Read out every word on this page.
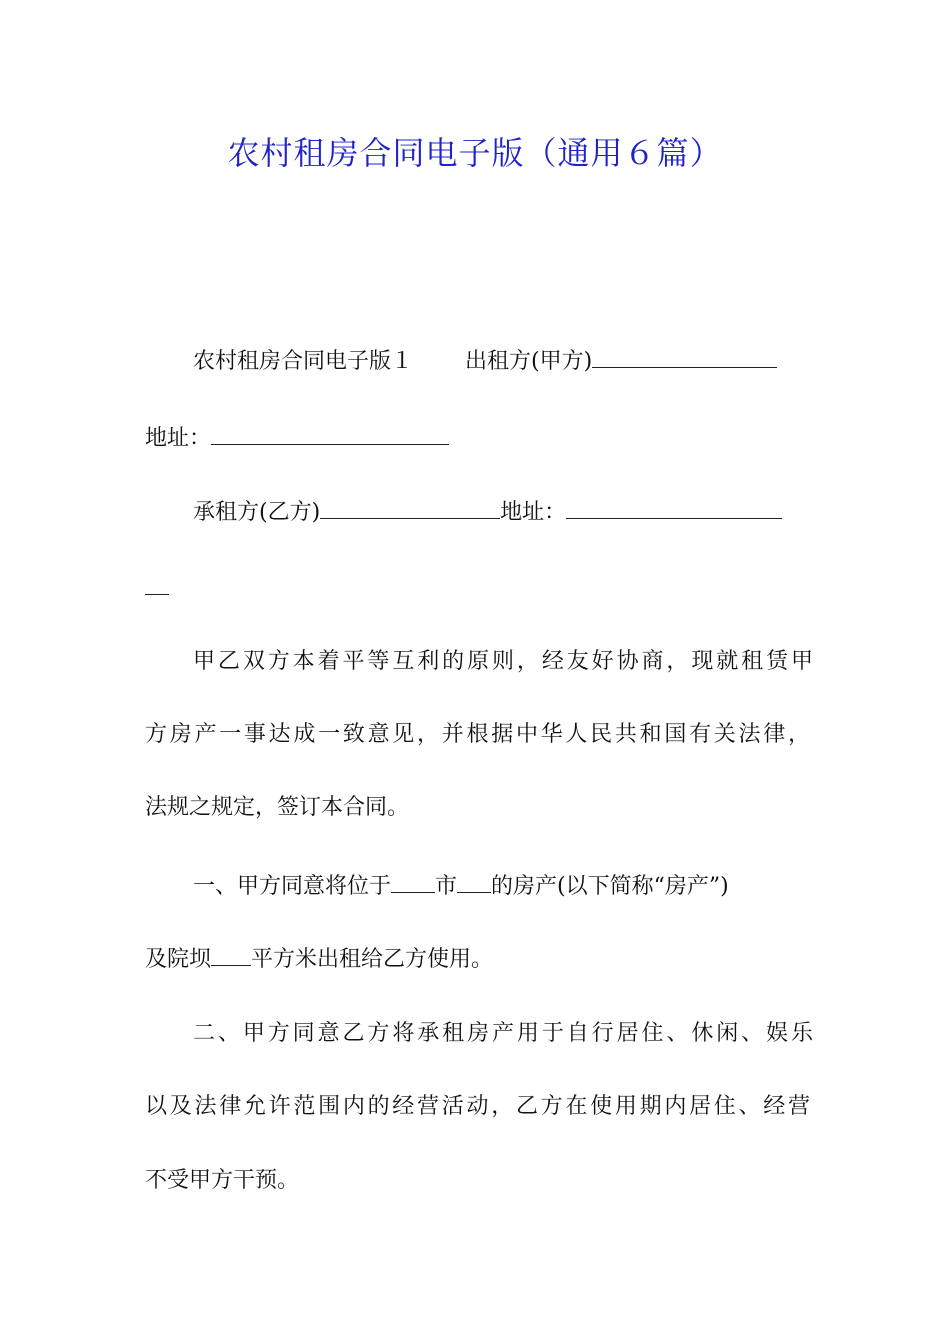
农村租房合同电子版（通用６篇）
农村租房合同电子版１ 出租方(甲方)
地址：
承租方(乙方)	地址：
甲乙双方本着平等互利的原则，经友好协商，现就租赁甲
方房产一事达成一致意见，并根据中华人民共和国有关法律，
法规之规定，签订本合同。
一、甲方同意将位于 市 的房产(以下简称“房产”)
及院坝 平方米出租给乙方使用。
二、甲方同意乙方将承租房产用于自行居住、休闲、娱乐
以及法律允许范围内的经营活动，乙方在使用期内居住、经营
不受甲方干预。
